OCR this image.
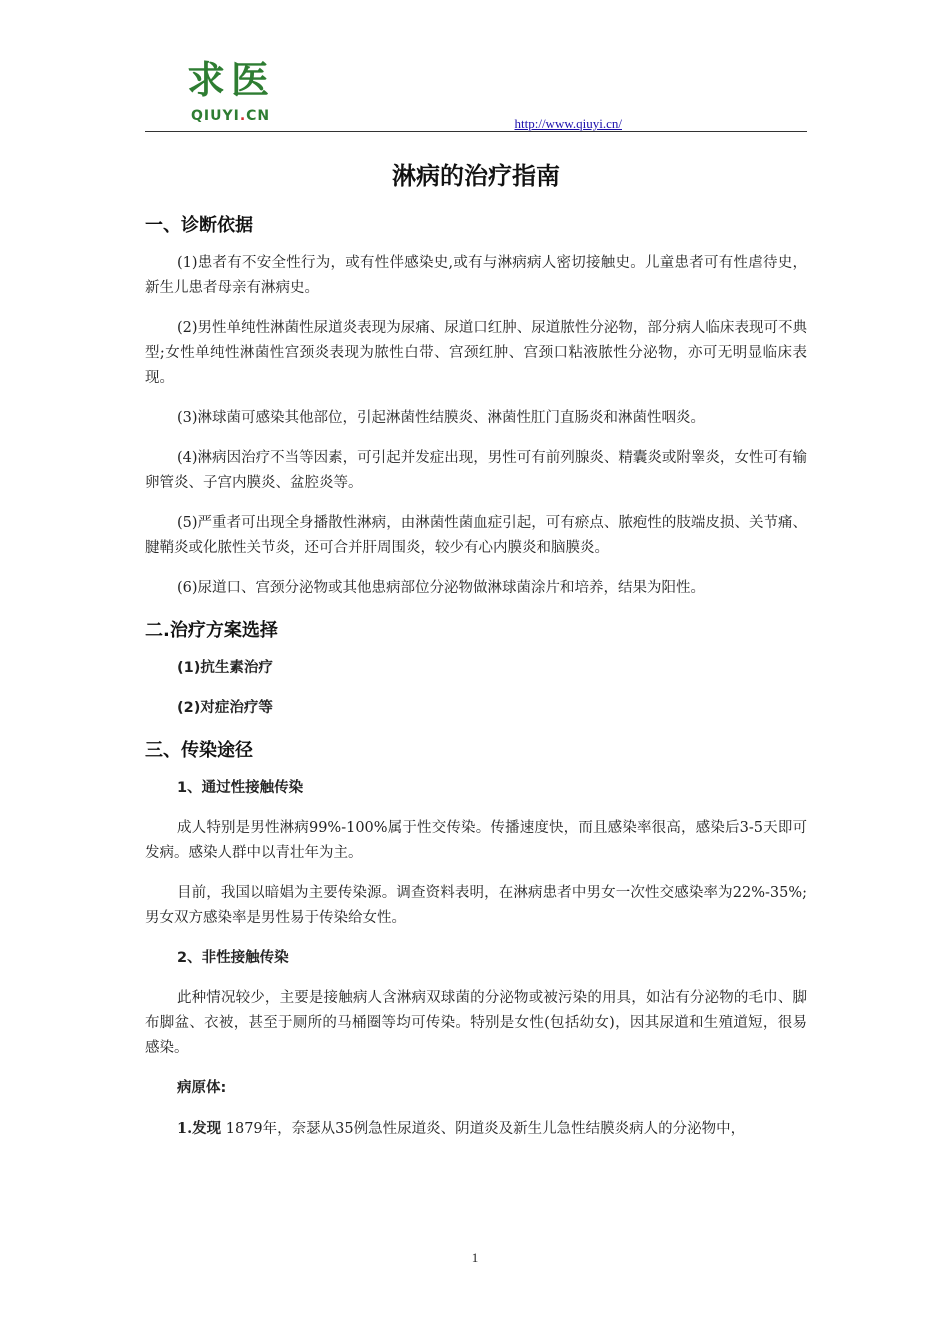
求医
QIUYI.CN	http://www.qiuyi.cn/
淋病的治疗指南
一、诊断依据

(1)患者有不安全性行为，或有性伴感染史,或有与淋病病人密切接触史。儿童患者可有性虐待史，新生儿患者母亲有淋病史。

(2)男性单纯性淋菌性尿道炎表现为尿痛、尿道口红肿、尿道脓性分泌物，部分病人临床表现可不典型;女性单纯性淋菌性宫颈炎表现为脓性白带、宫颈红肿、宫颈口粘液脓性分泌物，亦可无明显临床表现。

(3)淋球菌可感染其他部位，引起淋菌性结膜炎、淋菌性肛门直肠炎和淋菌性咽炎。

(4)淋病因治疗不当等因素，可引起并发症出现，男性可有前列腺炎、精囊炎或附睾炎，女性可有输卵管炎、子宫内膜炎、盆腔炎等。

(5)严重者可出现全身播散性淋病，由淋菌性菌血症引起，可有瘀点、脓疱性的肢端皮损、关节痛、腱鞘炎或化脓性关节炎，还可合并肝周围炎，较少有心内膜炎和脑膜炎。

(6)尿道口、宫颈分泌物或其他患病部位分泌物做淋球菌涂片和培养，结果为阳性。

二.治疗方案选择

(1)抗生素治疗

(2)对症治疗等

三、传染途径

1、通过性接触传染

成人特别是男性淋病99%-100%属于性交传染。传播速度快，而且感染率很高，感染后3-5天即可发病。感染人群中以青壮年为主。

目前，我国以暗娼为主要传染源。调查资料表明，在淋病患者中男女一次性交感染率为22%-35%;男女双方感染率是男性易于传染给女性。

2、非性接触传染

此种情况较少，主要是接触病人含淋病双球菌的分泌物或被污染的用具，如沾有分泌物的毛巾、脚布脚盆、衣被，甚至于厕所的马桶圈等均可传染。特别是女性(包括幼女)，因其尿道和生殖道短，很易感染。

病原体:

1.发现 1879年，奈瑟从35例急性尿道炎、阴道炎及新生儿急性结膜炎病人的分泌物中，

1
